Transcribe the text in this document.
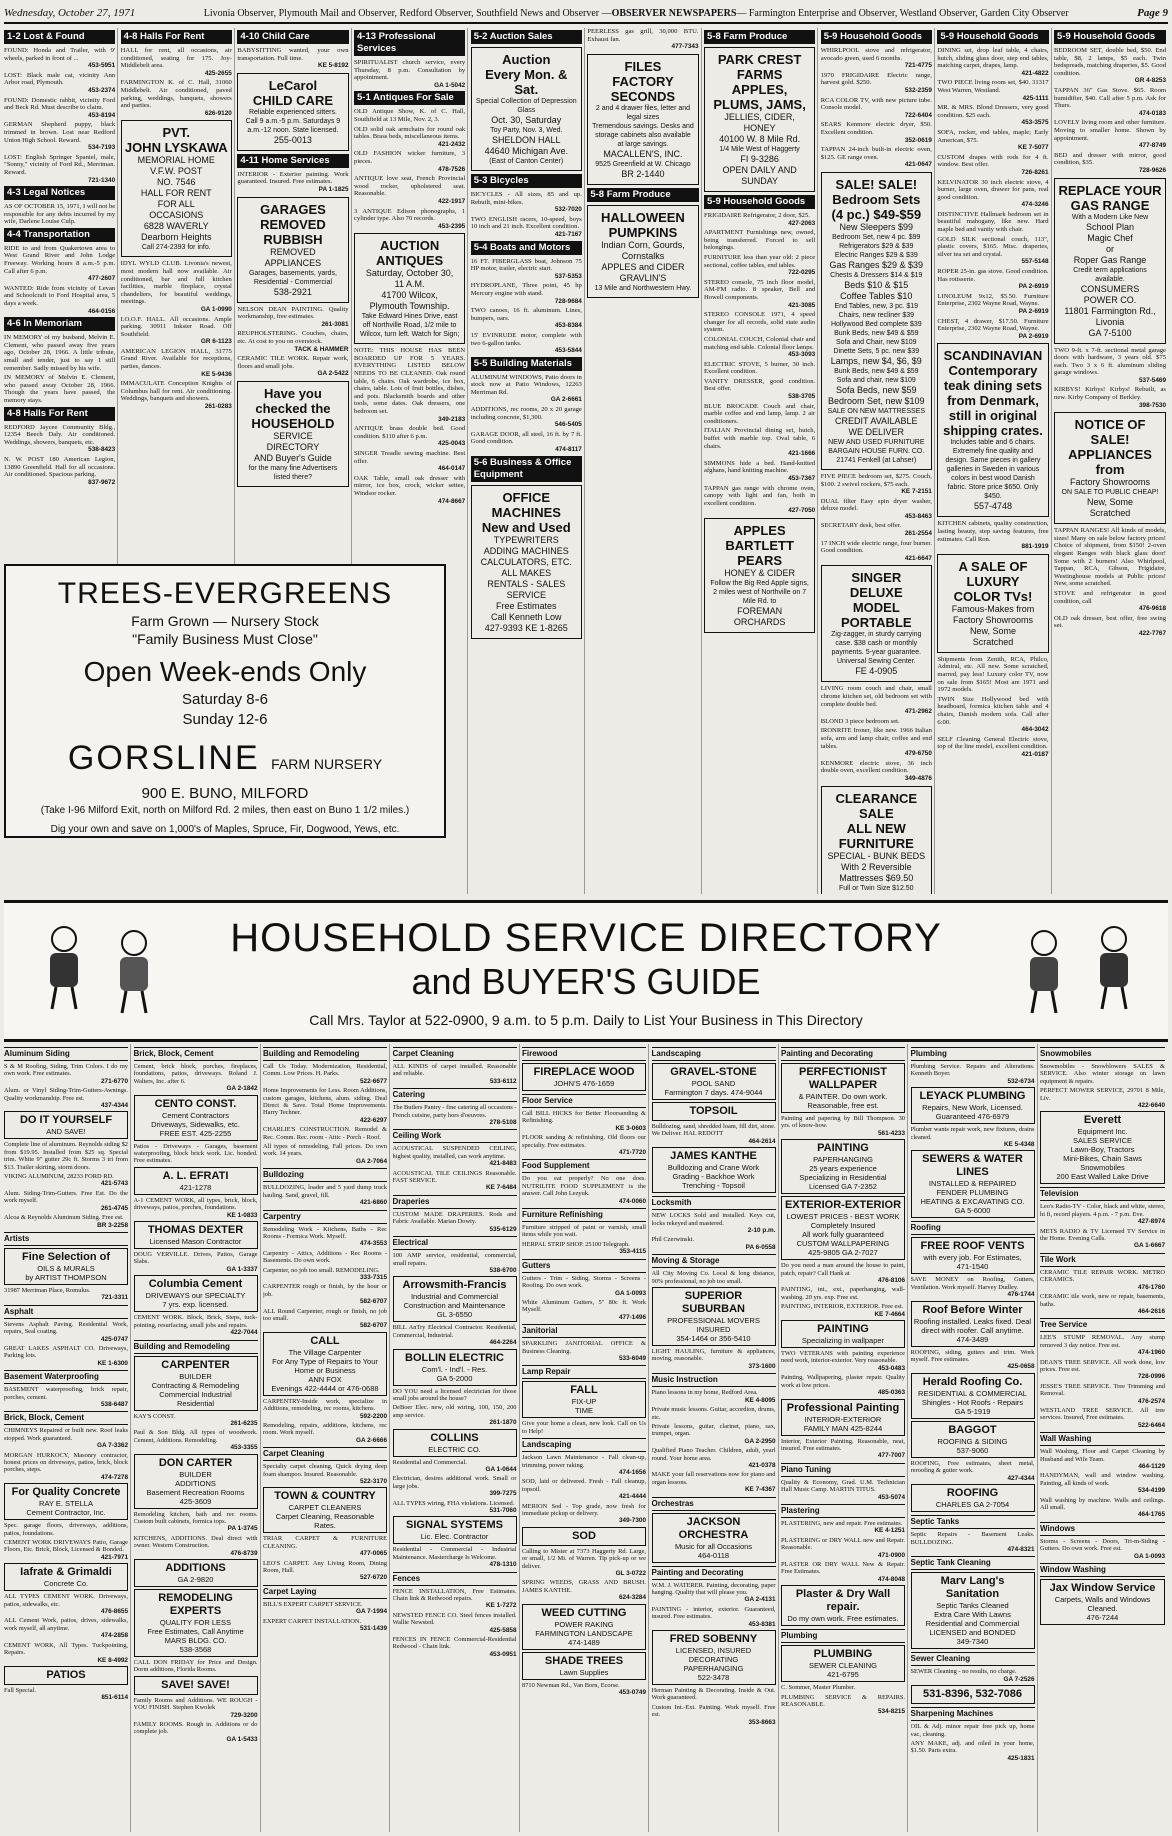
Wednesday, October 27, 1971	Livonia Observer, Plymouth Mail and Observer, Redford Observer, Southfield News and Observer —OBSERVER NEWSPAPERS— Farmington Enterprise and Observer, Westland Observer, Garden City Observer	Page 9
1-2 Lost & Found

FOUND: Honda and Trailer, with 9' wheels, parked in front of ...
453-5951

LOST: Black male cat, vicinity Ann Arbor road, Plymouth.
453-2374

FOUND: Domestic rabbit, vicinity Ford and Beck Rd. Must describe to claim.
453-8194

GERMAN Shepherd puppy, black trimmed in brown. Lost near Redford Union High School. Reward.
534-7193

LOST: English Springer Spaniel, male, "Sonny," vicinity of Ford Rd., Merriman. Reward.
721-1340

4-3 Legal Notices

AS OF OCTOBER 15, 1971, I will not be responsible for any debts incurred by my wife, Darlene Louise Culp.

4-4 Transportation

RIDE to and from Quakertown area to West Grand River and John Lodge Freeway. Working hours 8 a.m.-5 p.m. Call after 6 p.m.
477-2607

WANTED: Ride from vicinity of Levan and Schoolcraft to Ford Hospital area, 5 days a week.
464-0156

4-6 In Memoriam

IN MEMORY of my husband, Melvin E. Clement, who passed away five years ago, October 28, 1966. A little tribute, small and tender, just to say I still remember. Sadly missed by his wife.

IN MEMORY of Melvin E. Clement, who passed away October 28, 1966. Though the years have passed, the memory stays.

4-8 Halls For Rent

REDFORD Jaycee Community Bldg., 12354 Beech Daly. Air conditioned. Weddings, showers, banquets, etc.
538-8423

N. W. POST 180 American Legion, 13890 Greenfield. Hall for all occasions. Air conditioned. Spacious parking.
837-9672

4-8 Halls For Rent

HALL for rent, all occasions, air conditioned, seating for 175. Joy-Middlebelt area.
425-2655

FARMINGTON K. of C. Hall, 31060 Middlebelt. Air conditioned, paved parking, weddings, banquets, showers and parties.
626-9120

PVT.
JOHN LYSKAWA
MEMORIAL HOME
V.F.W. POST
NO. 7546
HALL FOR RENT
FOR ALL
OCCASIONS
6828 WAVERLY
Dearborn Heights
Call 274-2393 for info.

IDYL WYLD CLUB. Livonia's newest, most modern hall now available. Air conditioned, bar and full kitchen facilities, marble fireplace, crystal chandeliers, for beautiful weddings, meetings.
GA 1-0990

I.O.O.F. HALL. All occasions. Ample parking. 30911 Inkster Road. Off Southfield.
GR 6-1123

AMERICAN LEGION HALL, 31775 Grand River. Available for receptions, parties, dances.
KE 5-9436

IMMACULATE Conception Knights of Columbus hall for rent. Air conditioning. Weddings, banquets and showers.
261-0283

4-10 Child Care

BABYSITTING wanted, your own transportation. Full time.
KE 5-8192

LeCarol
CHILD CARE
Reliable experienced sitters.
Call 9 a.m.-5 p.m. Saturdays 9 a.m.-12 noon. State licensed.
255-0013
4-11 Home Services

INTERIOR - Exterior painting. Work guaranteed. Insured. Free estimates.
PA 1-1825

GARAGES REMOVED
RUBBISH
REMOVED
APPLIANCES
Garages, basements, yards, Residential - Commercial
538-2921

NELSON DEAN PAINTING. Quality workmanship, free estimates.
261-3081

REUPHOLSTERING. Couches, chairs, etc. At cost to you on overstock.
TACK & HAMMER

CERAMIC TILE WORK. Repair work, floors and small jobs.
GA 2-5422

Have you checked the
HOUSEHOLD
SERVICE
DIRECTORY
AND Buyer's Guide
for the many fine Advertisers listed there?
4-13 Professional Services

SPIRITUALIST church service, every Thursday, 8 p.m. Consultation by appointment.
GA 1-5042

5-1 Antiques For Sale

OLD Antique Show, K. of C. Hall, Southfield at 13 Mile, Nov. 2, 3.

OLD solid oak armchairs for round oak tables. Brass beds, miscellaneous items.
421-2432

OLD FASHION wicker furniture, 3 pieces.
478-7526

ANTIQUE love seat, French Provincial wood rocker, upholstered seat. Reasonable.
422-1917

3 ANTIQUE Edison phonographs, 1 cylinder type. Also 70 records.
453-2395

AUCTION
ANTIQUES
Saturday, October 30,
11 A.M.
41700 Wilcox,
Plymouth Township.
Take Edward Hines Drive, east off Northville Road, 1/2 mile to Wilcox, turn left. Watch for Sign;

NOTE: THIS HOUSE HAS BEEN BOARDED UP FOR 5 YEARS. EVERYTHING LISTED BELOW NEEDS TO BE CLEANED. Oak round table, 6 chairs. Oak wardrobe, ice box, chairs, table. Lots of fruit bottles, dishes, and pots. Blacksmith boards and other tools, some dates. Oak dressers, one bedroom set.
349-2183

ANTIQUE brass double bed. Good condition. $110 after 6 p.m.
425-0043

SINGER Treadle sewing machine. Best offer.
464-0147

OAK Table, small oak dresser with mirror, ice box, crock, wicker settee, Windsor rocker.
474-8667

5-2 Auction Sales
Auction
Every Mon. & Sat.
Special Collection of Depression Glass
Oct. 30, Saturday
Toy Party, Nov. 3, Wed.
SHELDON HALL
44640 Michigan Ave.
(East of Canton Center)
5-3 Bicycles

BICYCLES - All sizes, 85 and up. Rebuilt, mini-bikes.
532-7020

TWO ENGLISH racers, 10-speed, boys 10 inch and 21 inch. Excellent condition.
421-7167

5-4 Boats and Motors

16 FT. FIBERGLASS boat, Johnson 75 HP motor, trailer, electric start.
537-5353

HYDROPLANE, Three point, 45 hp Mercury engine with stand.
728-9684

TWO canoes, 16 ft. aluminum. Lines, bumpers, oars.
453-8384

15' EVINRUDE motor, complete with two 6-gallon tanks.
453-5844

5-5 Building Materials

ALUMINUM WINDOWS, Patio doors in stock now at Patio Windows, 12263 Merriman Rd.
GA 2-6661

ADDITIONS, rec rooms, 20 x 20 garage including concrete, $1,300.
546-5405

GARAGE DOOR, all steel, 16 ft. by 7 ft. Good condition.
474-8117

5-6 Business & Office Equipment
OFFICE MACHINES
New and Used
TYPEWRITERS
ADDING MACHINES
CALCULATORS, ETC.
ALL MAKES
RENTALS - SALES
SERVICE
Free Estimates
Call Kenneth Low
427-9393 KE 1-8265

PEERLESS gas grill, 30,000 BTU. Exhaust fan.
477-7343

FILES
FACTORY SECONDS
2 and 4 drawer files, letter and legal sizes
Tremendous savings. Desks and storage cabinets also available at large savings.
MACALLEN'S, INC.
9525 Greenfield at W. Chicago
BR 2-1440
5-8 Farm Produce
HALLOWEEN
PUMPKINS
Indian Corn, Gourds,
Cornstalks
APPLES and CIDER
GRAVLIN'S
13 Mile and Northwestern Hwy.
5-8 Farm Produce
PARK CREST FARMS
APPLES, PLUMS, JAMS,
JELLIES, CIDER, HONEY
40100 W. 8 Mile Rd.
1/4 Mile West of Haggerty
FI 9-3286
OPEN DAILY AND SUNDAY
5-9 Household Goods

FRIGIDAIRE Refrigerator, 2 door, $25.
427-2063

APARTMENT Furnishings new, owned, being transferred. Forced to sell belongings.

FURNITURE less than year old: 2 piece sectional, coffee tables, end tables.
722-0295

STEREO console, 75 inch floor model, AM-FM radio. 8 speaker, Bell and Howell components.
421-3085

STEREO CONSOLE 1971, 4 speed changer for all records, solid state audio system.

COLONIAL COUCH, Colonial chair and matching end table. Colonial floor lamps.
453-3093

ELECTRIC STOVE, 5 burner, 30 inch. Excellent condition.

VANITY DRESSER, good condition. Best offer.
538-3705

BLUE BROCADE Couch and chair, marble coffee and end lamp, lamp. 2 air conditioners.

ITALIAN Provincial dining set, hutch, buffet with marble top. Oval table, 6 chairs.
421-1666

SIMMONS hide a bed. Hand-knitted afghans, hand knitting machine.
453-7367

TAPPAN gas range with chrome oven, canopy with light and fan, both in excellent condition.
427-7050

APPLES
BARTLETT PEARS
HONEY & CIDER
Follow the Big Red Apple signs, 2 miles west of Northville on 7 Mile Rd. to
FOREMAN
ORCHARDS
5-9 Household Goods

WHIRLPOOL stove and refrigerator, avocado green, used 6 months.
721-4775

1970 FRIGIDAIRE Electric range, harvest gold. $250.
532-2359

RCA COLOR TV, with new picture tube. Console model.
722-6404

SEARS Kenmore electric dryer, $50. Excellent condition.
352-0619

TAPPAN 24-inch built-in electric oven, $125. GE range oven.
421-0647

SALE! SALE!
Bedroom Sets (4 pc.) $49-$59
New Sleepers $99
Bedroom Set, new 4 pc. $99
Refrigerators $29 & $39
Electric Ranges $29 & $39
Gas Ranges $29 & $39
Chests & Dressers $14 & $19
Beds $10 & $15
Coffee Tables $10
End Tables, new, 3 pc. $19
Chairs, new recliner $39
Hollywood Bed complete $39
Bunk Beds, new $49 & $59
Sofa and Chair, new $109
Dinette Sets, 5 pc. new $39
Lamps, new $4, $6, $9
Bunk Beds, new $49 & $59
Sofa and chair, new $109
Sofa Beds, new $59
Bedroom Set, new $109
SALE ON NEW MATTRESSES
CREDIT AVAILABLE
WE DELIVER
NEW AND USED FURNITURE
BARGAIN HOUSE FURN. CO.
21741 Fenkell (at Lahser)

FIVE PIECE bedroom set, $275. Couch, $100. 2 swivel rockers, $75 each.
KE 7-2151

DUAL filter Easy spin dryer washer, deluxe model.
453-8463

SECRETARY desk, best offer.
261-2554

17 INCH wide electric range, four burner. Good condition.
421-6647

SINGER DELUXE
MODEL PORTABLE
Zig-zagger, in sturdy carrying case. $38 cash or monthly payments. 5-year guarantee. Universal Sewing Center.
FE 4-0905

LIVING room couch and chair, small chrome kitchen set, old bedroom set with complete double bed.
471-2962

BLOND 3 piece bedroom set.

IRONRITE Ironer, like new. 1966 Italian sofa, arm and lamp chair, coffee and end tables.
479-6750

KENMORE electric stove, 36 inch double oven, excellent condition.
349-4876

CLEARANCE SALE
ALL NEW FURNITURE
SPECIAL - BUNK BEDS
With 2 Reversible
Mattresses $69.50
Full or Twin Size $12.50
5-9 Household Goods

DINING set, drop leaf table, 4 chairs, hutch, sliding glass door, step end tables, matching carpet, drapes, lamp.
421-4822

TWO PIECE living room set, $40. 31317 West Warren, Westland.
425-1111

MR. & MRS. Blond Dressers, very good condition. $25 each.
453-3575

SOFA, rocker, end tables, maple; Early American, $75.
KE 7-5077

CUSTOM drapes with rods for 4 ft. window. Best offer.
726-8261

KELVINATOR 30 inch electric stove, 4 burner, large oven, drawer for pans, real good condition.
474-3246

DISTINCTIVE Hallmark bedroom set in beautiful mahogany, like new. Hard maple bed and vanity with chair.

GOLD SILK sectional couch, 113", plastic covers, $165. Misc. draperies, silver tea set and crystal.
557-5148

ROPER 25-in. gas stove. Good condition. Has rotisserie.
PA 2-6919

LINOLEUM 9x12, $5.50. Furniture Enterprise, 2302 Wayne Road, Wayne.
PA 2-6919

CHEST, 4 drawer, $17.50. Furniture Enterprise, 2302 Wayne Road, Wayne.
PA 2-6919

SCANDINAVIAN
Contemporary teak dining sets from Denmark, still in original shipping crates.
Includes table and 6 chairs. Extremely fine quality and design. Same pieces in gallery galleries in Sweden in various colors in best wood Danish fabric. Store price $650. Only $450.
557-4748

KITCHEN cabinets, quality construction, lasting beauty, step saving features, free estimates. Call Ron.
881-1919

A SALE OF LUXURY
COLOR TVs!
Famous-Makes from
Factory Showrooms
New, Some
Scratched

Shipments from Zenith, RCA, Philco, Admiral, etc. All new. Some scratched, marred, pay less! Luxury color TV, now on sale from $165! Most are 1971 and 1972 models.

TWIN Size Hollywood bed with headboard, formica kitchen table and 4 chairs, Danish modern sofa. Call after 6:00.
464-3042

SELF Cleaning General Electric stove, top of the line model, excellent condition.
421-0187

5-9 Household Goods

BEDROOM SET, double bed, $50. End table, $8, 2 lamps, $5 each. Twin bedspreads, matching draperies, $5. Good condition.
GR 4-8253

TAPPAN 36" Gas Stove. $65. Room humidifier, $40. Call after 5 p.m. Ask for Thurs.
474-0183

LOVELY living room and other furniture. Moving to smaller home. Shown by appointment.
477-8749

BED and dresser with mirror, good condition, $35.
728-9626

REPLACE YOUR
GAS RANGE
With a Modern Like New
School Plan
Magic Chef
or
Roper Gas Range
Credit term applications available.
CONSUMERS
POWER CO.
11801 Farmington Rd.,
Livonia
GA 7-5100

TWO 9-ft. x 7-ft. sectional metal garage doors with hardware, 3 years old. $75 each. Two 3 x 6 ft. aluminum sliding garage windows.
537-5469

KIRBYS! Kirbys! Kirbys! Rebuilt, as new. Kirby Company of Berkley.
398-7530

NOTICE OF SALE!
APPLIANCES from
Factory Showrooms
ON SALE TO PUBLIC CHEAP!
New, Some
Scratched

TAPPAN RANGES! All kinds of models, sizes! Many on sale below factory prices! Choice of shipment, from $150! 2-oven elegant Ranges with black glass door! Some with 2 burners! Also Whirlpool, Tappan, RCA, Gibson, Frigidaire, Westinghouse models at Public prices! New, some scratched.

STOVE and refrigerator in good condition, call
476-9618

OLD oak dresser, best offer, free swing set.
422-7767

TREES-EVERGREENS
Farm Grown — Nursery Stock
"Family Business Must Close"
Open Week-ends Only
Saturday 8-6
Sunday 12-6
GORSLINE FARM NURSERY
900 E. BUNO, MILFORD
(Take I-96 Milford Exit, north on Milford Rd. 2 miles, then east on Buno 1 1/2 miles.)
Dig your own and save on 1,000's of Maples, Spruce, Fir, Dogwood, Yews, etc.
HOUSEHOLD SERVICE DIRECTORY
and BUYER'S GUIDE
Call Mrs. Taylor at 522-0900, 9 a.m. to 5 p.m. Daily to List Your Business in This Directory
Aluminum Siding

S & M Roofing, Siding, Trim Colors. I do my own work. Free estimates.
271-6770

Alum. or Vinyl Siding-Trim-Gutters-Awnings. Quality workmanship. Free est.
437-4344

DO IT YOURSELF
AND SAVE!

Complete line of aluminum. Reynolds siding $2 from $19.95. Installed from $25 sq. Special trim. White 9" gutter 29c ft. Storms 3 tri from $13. Trailer skirting, storm doors.

VIKING ALUMINUM, 28233 FORD RD.
421-5743

Alum. Siding-Trim-Gutters. Free Est. Do the work myself.
261-4745

Alcoa & Reynolds Aluminum Siding. Free est.
BR 3-2258

Artists
Fine Selection of
OILS & MURALS
by ARTIST THOMPSON

31987 Merriman Place, Romulus.
721-3311

Asphalt

Stevens Asphalt Paving. Residential Work, repairs, Seal coating.
425-0747

GREAT LAKES ASPHALT CO. Driveways, Parking lots.
KE 1-6300

Basement Waterproofing

BASEMENT waterproofing, brick repair, porches, cement.
538-6487

Brick, Block, Cement

CHIMNEYS Repaired or built new. Roof leaks stopped. Work guaranteed.
GA 7-3362

MORGAN HURKOCY, Masonry contractor, honest prices on driveways, patios, brick, block porches, steps.
474-7278

For Quality Concrete
RAY E. STELLA
Cement Contractor, Inc.

Spec. garage floors, driveways, additions, patios, foundations.

CEMENT WORK DRIVEWAYS Patio, Garage Floors, Etc. Brick, Block, Licensed & Bonded.
421-7971

Iafrate & Grimaldi
Concrete Co.

ALL TYPES CEMENT WORK. Driveways, patios, sidewalks, etc.
476-8655

ALL Cement Work, patios, drives, sidewalks, work myself, all anytime.
474-2858

CEMENT WORK, All Types. Tuckpointing, Repairs.
KE 8-4992

PATIOS

Fall Special.
851-6114

Brick, Block, Cement

Cement, brick block, porches, fireplaces, foundations, patios, driveways. Roland J. Walters, Inc. after 6.
GA 2-1842

CENTO CONST.
Cement Contractors
Driveways, Sidewalks, etc.
FREE EST. 425-2255

Patios - Driveways - Garages, basement waterproofing, block brick work. Lic. bonded. Free estimates.

A. L. EFRATI
421-1278

A-1 CEMENT WORK, all types, brick, block, driveways, patios, porches, foundations.
KE 1-0833

THOMAS DEXTER
Licensed Mason Contractor

DOUG VERVILLE. Drives, Patios, Garage Slabs.
GA 1-3337

Columbia Cement
DRIVEWAYS our SPECIALTY
7 yrs. exp. licensed.

CEMENT WORK. Block, Brick, Steps, tuck-pointing, resurfacing, small jobs and repairs.
422-7044

Building and Remodeling
CARPENTER
BUILDER
Contracting & Remodeling
Commercial Industrial
Residential

KAY'S CONST.
261-6235

Paul & Son Bldg. All types of woodwork. Cement, Additions. Remodeling.
453-3355

DON CARTER
BUILDER
ADDITIONS
Basement Recreation Rooms
425-3609

Remodeling kitchen, bath and rec rooms. Custom built cabinets, formica tops.
PA 1-3745

KITCHENS, ADDITIONS. Deal direct with owner. Western Construction.
476-8739

ADDITIONS
GA 2-9820
REMODELING EXPERTS
QUALITY FOR LESS
Free Estimates, Call Anytime
MARS BLDG. CO.
538-3568

CALL DON FRIDAY for Price and Design. Dorm additions, Florida Rooms.

SAVE! SAVE!

Family Rooms and Additions. WE ROUGH - YOU FINISH. Stephen Kwolek
729-3200

FAMILY ROOMS. Rough in. Additions or do complete job.
GA 1-5433

Building and Remodeling

Call Us Today. Modernization, Residential, Comm. Low Prices. H. Parks.
522-6677

Home Improvements for Less. Room Additions, custom garages, kitchens, alum. siding. Deal Direct & Save. Total Home Improvements. Harry Techner.
422-6297

CHARLIE'S CONSTRUCTION. Remodel & Rec. Comm. Rec. room - Attic - Porch - Roof.

All types of remodeling, Fall prices. Do own work. 14 years.
GA 2-7064

Bulldozing

BULLDOZING, loader and 5 yard dump truck hauling. Sand, gravel, fill.
421-6860

Carpentry

Remodeling Work - Kitchens, Baths - Rec Rooms - Formica Work. Myself.
474-3553

Carpentry - Attics, Additions - Rec Rooms - Basements. Do own work.

Carpenter, no job too small. REMODELING.
333-7315

CARPENTER rough or finish, by the hour or job.
582-6707

ALL Round Carpenter, rough or finish, no job too small.
582-6707

CALL
The Village Carpenter
For Any Type of Repairs to Your Home or Business
ANN FOX
Evenings 422-4444 or 476-0688

CARPENTRY-Inside work, specialize in Additions, remodeling, rec rooms, kitchens.
592-2200

Remodeling, repairs, additions, kitchens, rec room. Work myself.
GA 2-6666

Carpet Cleaning

Specialty carpet cleaning, Quick drying deep foam shampoo. Insured. Reasonable.
522-3170

TOWN & COUNTRY
CARPET CLEANERS
Carpet Cleaning, Reasonable Rates.

TRIAR CARPET & FURNITURE CLEANING.
477-0065

LEO'S CARPET. Any Living Room, Dining Room, Hall.
527-6720

Carpet Laying

BILL'S EXPERT CARPET SERVICE.
GA 7-1994

EXPERT CARPET INSTALLATION.
531-1439

Carpet Cleaning

ALL KINDS of carpet installed. Reasonable and reliable.
533-6112

Catering

The Butlers Pantry - fine catering all occasions - French cuisine, party hors d'oeuvres.
278-5108

Ceiling Work

ACOUSTICAL SUSPENDED CEILING, highest quality, installed, can work anytime.
421-8483

ACOUSTICAL TILE CEILINGS Reasonable. FAST SERVICE.
KE 7-6484

Draperies

CUSTOM MADE DRAPERIES. Rods and Fabric Available. Marian Dowty.
535-6129

Electrical

100 AMP service, residential, commercial, small repairs.
538-6700

Arrowsmith-Francis
Industrial and Commercial
Construction and Maintenance
GL 3-6550

BILL AnTry Electrical Contractor. Residential, Commercial, Industrial.
464-2264

BOLLIN ELECTRIC
Com'l. - Ind'l. - Res.
GA 5-2000

DO YOU need a licensed electrician for those small jobs around the house?

DeBoer Elec. new, old wiring, 100, 150, 200 amp service.
261-1870

COLLINS
ELECTRIC CO.

Residential and Commercial.
GA 1-0644

Electrician, desires additional work. Small or large jobs.
399-7275

ALL TYPES wiring, FHA violations. Licensed.
531-7060

SIGNAL SYSTEMS
Lic. Elec. Contractor

Residential - Commercial - Industrial Maintenance. Mastercharge Is Welcome.
478-1310

Fences

FENCE INSTALLATION, Free Estimates. Chain link & Redwood repairs.
KE 1-7272

NEWSTED FENCE CO. Steel fences installed. Wallie Newsted.
425-5858

FENCES IN FENCE Commercial-Residential Redwood - Chain link.
453-0951

Firewood
FIREPLACE WOOD
JOHN'S 476-1659
Floor Service

Call BILL HICKS for Better Floorsanding & Refinishing.
KE 3-0603

FLOOR sanding & refinishing. Old floors our specialty. Free estimates.
471-7720

Food Supplement

Do you eat properly? No one does. NUTRILITE FOOD SUPPLEMENT is the answer. Call John Lezyuk.
474-0060

Furniture Refinishing

Furniture stripped of paint or varnish, small items while you wait.

HERPAL STRIP SHOP. 25100 Telegraph.
353-4115

Gutters

Gutters - Trim - Siding, Storms - Screens - Roofing. Do own work.
GA 1-0093

White Aluminum Gutters, 5" 80c ft. Work Myself.
477-1496

Janitorial

SPARKLING JANITORIAL OFFICE & Business Cleaning.
533-6049

Lamp Repair
FALL
FIX-UP
TIME

Give your home a clean, new look. Call on Us to Help!

Landscaping

Jackson Lawn Maintenance - Fall clean-up, trimming, power raking.
474-1656

SOD, laid or delivered. Fresh - Fall cleanup, topsoil.
421-4444

MERION Sod - Top grade, now fresh for immediate pickup or delivery.
349-7300

SOD

Calling to Mister at 7373 Haggerty Rd. Large, or small, 1/2 Mi. of Warren. Tip pick-up or we deliver.
GL 3-0722

SPRING WEEDS, GRASS AND BRUSH. JAMES KANTHE.
624-3284

WEED CUTTING
POWER RAKING
FARMINGTON LANDSCAPE
474-1489
SHADE TREES
Lawn Supplies

8710 Newman Rd., Van Born, Ecorse.
453-0749

Landscaping
GRAVEL-STONE
POOL SAND
Farmington 7 days. 474-9044
TOPSOIL

Bulldozing, sand, shredded loam, fill dirt, stone. We Deliver. HAL REDOTT
464-2614

JAMES KANTHE
Bulldozing and Crane Work
Grading - Backhoe Work
Trenching - Topsoil
Locksmith

NEW LOCKS Sold and installed. Keys cut, locks rekeyed and mastered.
2-10 p.m.

Phil Czerwinski.
PA 6-0558

Moving & Storage

All City Moving Co. Local & long distance, 90% professional, no job too small.

SUPERIOR SUBURBAN
PROFESSIONAL MOVERS
INSURED
354-1464 or 356-5410

LIGHT HAULING, furniture & appliances, moving, reasonable.
373-1600

Music Instruction

Piano lessons in my home, Redford Area.
KE 4-8095

Private music lessons. Guitar, accordion, drums, etc.

Private lessons, guitar, clarinet, piano, sax, trumpet, organ.
GA 2-2950

Qualified Piano Teacher. Children, adult, yearl round. Your home area.
421-0378

MAKE your fall reservations now for piano and organ lessons.
KE 7-4367

Orchestras
JACKSON ORCHESTRA
Music for all Occasions
464-0118
Painting and Decorating

W.M. J. WATERER. Painting, decorating, paper hanging. Quality that will please you.
GA 2-4131

PAINTING - interior, exterior. Guaranteed, insured. Free estimates.
453-8381

FRED SOBENNY
LICENSED, INSURED
DECORATING
PAPERHANGING
522-3478

Herman Painting & Decorating. Inside & Out. Work guaranteed.

Custom Int.-Ext. Painting. Work myself. Free est.
353-8663

Painting and Decorating
PERFECTIONIST WALLPAPER
& PAINTER. Do own work. Reasonable, free est.

Painting and papering by Bill Thompson. 30 yrs. of know-how.
561-4233

PAINTING
PAPERHANGING
25 years experience
Specializing in Residential
Licensed GA 7-2352
EXTERIOR-EXTERIOR
LOWEST PRICES - BEST WORK
Completely Insured
All work fully guaranteed
CUSTOM WALLPAPERING
425-9805 GA 2-7027

Do you need a man around the house to paint, patch, repair? Call Hank at
476-8106

PAINTING, int., ext., paperhanging, wall-washing. 20 yrs. exp. Free est.

PAINTING, INTERIOR, EXTERIOR. Free est.
KE 7-4664

PAINTING
Specializing in wallpaper

TWO VETERANS with painting experience need work, interior-exterior. Very reasonable.
453-0483

Painting, Wallpapering, plaster repair. Quality work at low prices.
485-0363

Professional Painting
INTERIOR-EXTERIOR
FAMILY MAN 425-8244

Interior, Exterior Painting. Reasonable, neat, insured. Free estimates.
477-7007

Piano Tuning

Quality & Economy, Grad. U.M. Technician Hall Music Camp. MARTIN TITUS.
453-5074

Plastering

PLASTERING, new and repair. Free estimates.
KE 4-1251

PLASTERING or DRY WALL new and Repair. Reasonable.
471-0900

PLASTER OR DRY WALL New & Repair. Free Estimates.
474-8048

Plaster & Dry Wall repair.
Do my own work. Free estimates.
Plumbing
PLUMBING
SEWER CLEANING
421-6795

C. Sommer, Master Plumber.

PLUMBING SERVICE & REPAIRS. REASONABLE.
534-8215

Plumbing

Plumbing Service. Repairs and Alterations. Kenneth Boyer.
532-6734

LEYACK PLUMBING
Repairs, New Work, Licensed.
Guaranteed 476-6979

Plumber wants repair work, new fixtures, drains cleaned.
KE 5-4348

SEWERS & WATER LINES
INSTALLED & REPAIRED
FENDER PLUMBING
HEATING & EXCAVATING CO.
GA 5-6000
Roofing
FREE ROOF VENTS
with every job. For Estimates,
471-1540

SAVE MONEY on Roofing, Gutters, Ventilation. Work myself. Harvey Dudley.
476-1744

Roof Before Winter
Roofing installed. Leaks fixed. Deal direct with roofer. Call anytime.
474-3489

ROOFING, siding, gutters and trim. Work myself. Free estimates.
425-0658

Herald Roofing Co.
RESIDENTIAL & COMMERCIAL
Shingles - Hot Roofs - Repairs
GA 5-1919
BAGGOT
ROOFING & SIDING
537-9060

ROOFING, Free estimates, sheet metal, reroofing & gutter work.
427-4344

ROOFING
CHARLES GA 2-7054
Septic Tanks

Septic Repairs - Basement Leaks. BULLDOZING.
474-8321

Septic Tank Cleaning
Marv Lang's Sanitation
Septic Tanks Cleaned
Extra Care With Lawns
Residential and Commercial
LICENSED and BONDED
349-7340
Sewer Cleaning

SEWER Cleaning - no results, no charge.
GA 7-2526

531-8396, 532-7086
Sharpening Machines

OIL & Adj. minor repair free pick up, home vac, cleaning.

ANY MAKE, adj. and oiled in your home, $1.50. Parts extra.
425-1831

Snowmobiles

Snowmobiles - Snowblowers SALES & SERVICE. Also winter storage on lawn equipment & repairs.

PERFECT MOWER SERVICE, 29701 8 Mile, Liv.
422-6640

Everett
Equipment Inc.
SALES SERVICE
Lawn-Boy, Tractors
Mini-Bikes, Chain Saws
Snowmobiles
200 East Walled Lake Drive
Television

Leo's Radio-TV - Color, black and white, stereo, hi fi, record players. 4 p.m. - 7 p.m. Eve.
427-8974

METS RADIO & TV Licensed TV Service in the Home. Evening Calls.
GA 1-6667

Tile Work

CERAMIC TILE REPAIR WORK. METRO CERAMICS.
476-1760

CERAMIC tile work, new or repair, basements, baths.
464-2616

Tree Service

LEE'S STUMP REMOVAL. Any stump removed 3 day notice. Free est.
474-1960

DEAN'S TREE SERVICE. All work done, low prices. Free est.
728-0996

JESSE'S TREE SERVICE. Tree Trimming and Removal.
476-2574

WESTLAND TREE SERVICE. All tree services. Insured, Free estimates.
522-6464

Wall Washing

Wall Washing, Floor and Carpet Cleaning by Husband and Wife Team.
464-1129

HANDYMAN, wall and window washing. Painting, all kinds of work.
534-4199

Wall washing by machine. Walls and ceilings. All small.
464-1765

Windows

Storms - Screens - Doors, Tri-m-Siding - Gutters. Do own work. Free est.
GA 1-0093

Window Washing
Jax Window Service
Carpets, Walls and Windows Cleaned.
476-7244
